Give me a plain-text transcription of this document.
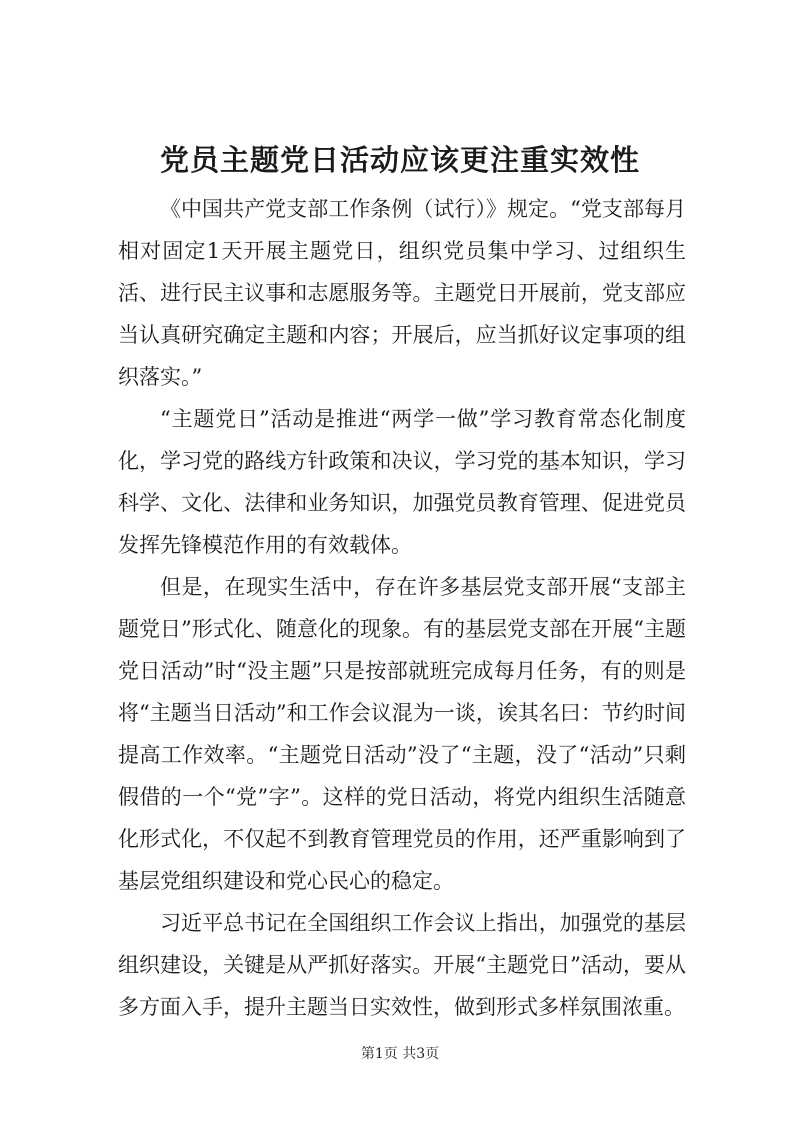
党员主题党日活动应该更注重实效性

《中国共产党支部工作条例（试行）》规定。“党支部每月相对固定1天开展主题党日，组织党员集中学习、过组织生活、进行民主议事和志愿服务等。主题党日开展前，党支部应当认真研究确定主题和内容；开展后，应当抓好议定事项的组织落实。”

“主题党日”活动是推进“两学一做”学习教育常态化制度化，学习党的路线方针政策和决议，学习党的基本知识，学习科学、文化、法律和业务知识，加强党员教育管理、促进党员发挥先锋模范作用的有效载体。

但是，在现实生活中，存在许多基层党支部开展“支部主题党日”形式化、随意化的现象。有的基层党支部在开展“主题党日活动”时“没主题”只是按部就班完成每月任务，有的则是将“主题当日活动”和工作会议混为一谈，诶其名曰：节约时间提高工作效率。“主题党日活动”没了“主题，没了“活动”只剩假借的一个“党”字”。这样的党日活动，将党内组织生活随意化形式化，不仅起不到教育管理党员的作用，还严重影响到了基层党组织建设和党心民心的稳定。

习近平总书记在全国组织工作会议上指出，加强党的基层组织建设，关键是从严抓好落实。开展“主题党日”活动，要从多方面入手，提升主题当日实效性，做到形式多样氛围浓重。

第1页 共3页
